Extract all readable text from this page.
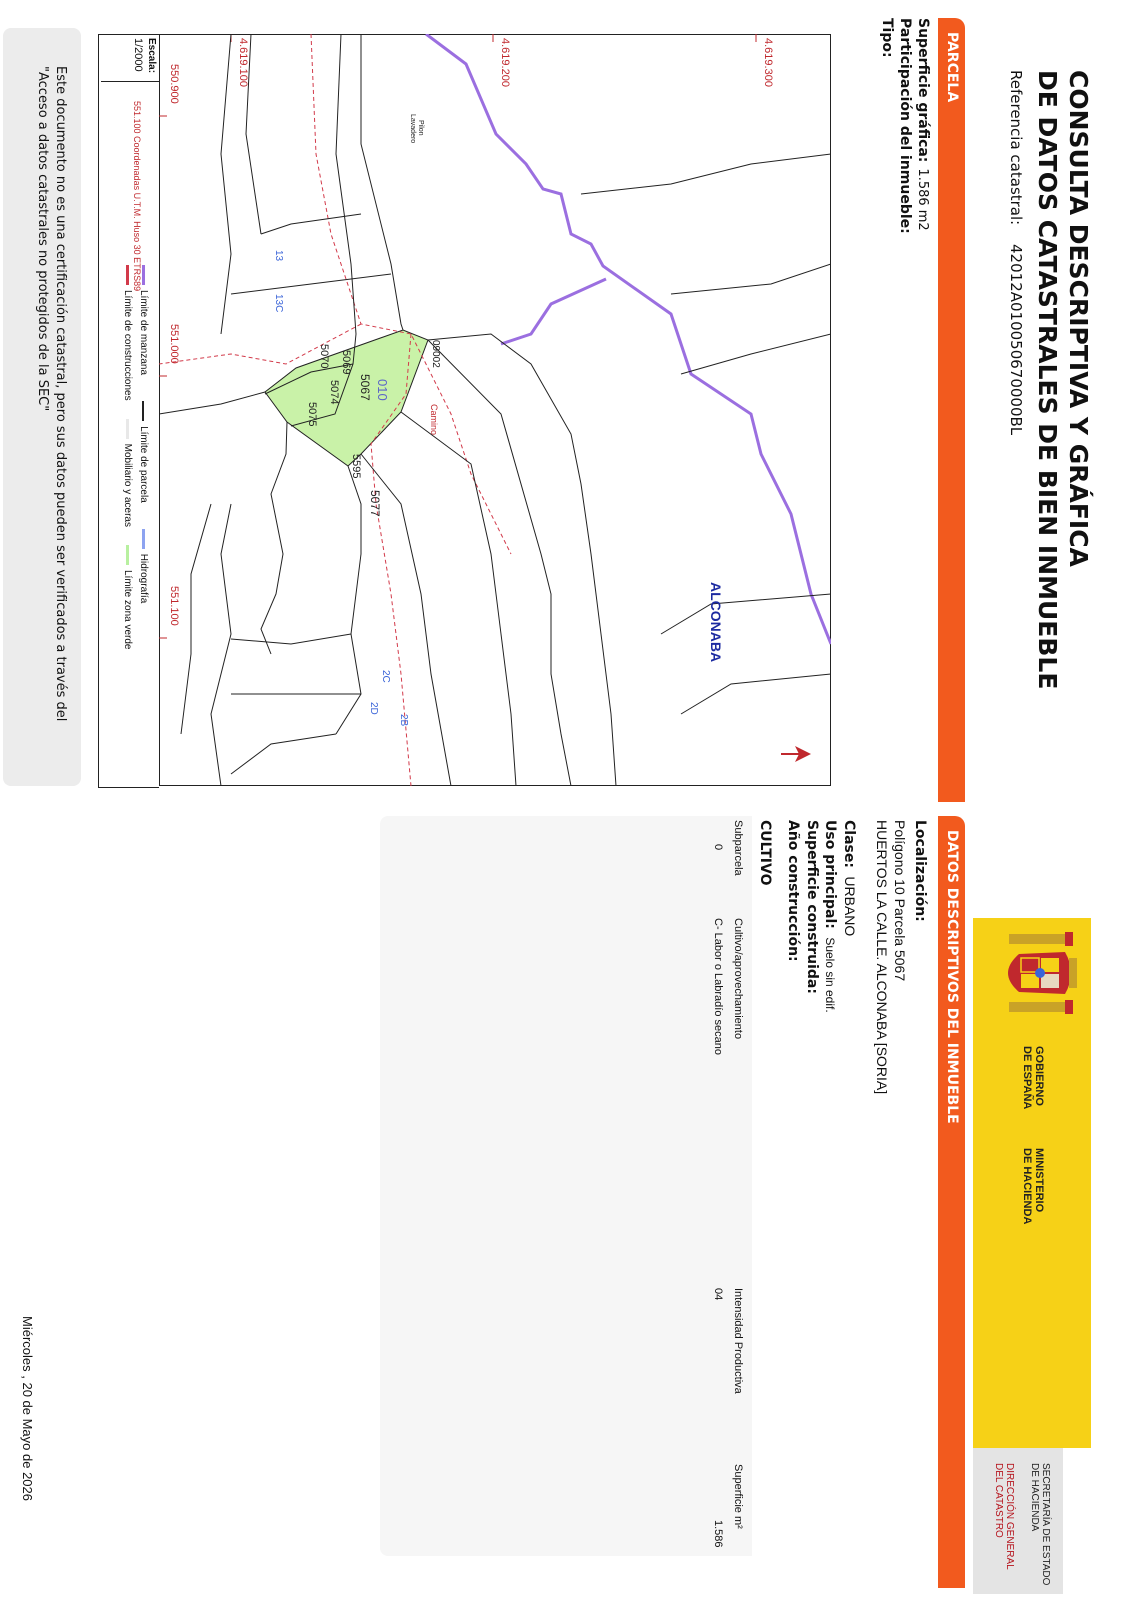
CONSULTA DESCRIPTIVA Y GRÁFICA
DE DATOS CATASTRALES DE BIEN INMUEBLE
Referencia catastral: 42012A010050670000BL
PARCELA
Superficie gráfica:1.586 m2
Participación del inmueble:
Tipo:
4.619.300
4.619.200
4.619.100
550.900
551.000
551.100
010
5067
5069
5074
5070
5075
5077
5595
13
13C
2C
2D
2B
Camino
09002
Pilon
Lavadero
ALCONABA
Límite de manzana
Límite de parcela
Hidrografía
Límite de construcciones
Mobiliario y aceras
Límite zona verde
551.100 Coordenadas U.T.M. Huso 30 ETRS89
Escala:
1/2000
Este documento no es una certificación catastral, pero sus datos pueden ser verificados a través del "Acceso a datos catastrales no protegidos de la SEC"
GOBIERNO
DE ESPAÑA
MINISTERIO
DE HACIENDA
SECRETARÍA DE ESTADO
DE HACIENDA
DIRECCIÓN GENERAL
DEL CATASTRO
DATOS DESCRIPTIVOS DEL INMUEBLE
Localización:
Polígono 10 Parcela 5067
HUERTOS LA CALLE. ALCONABA [SORIA]
Clase: URBANO
Uso principal: Suelo sin edif.
Superficie construida:
Año construcción:
CULTIVO
Subparcela
Cultivo/aprovechamiento
Intensidad Productiva
Superficie m²
0
C- Labor o Labradío secano
04
1.586
Miércoles , 20 de Mayo de 2026
